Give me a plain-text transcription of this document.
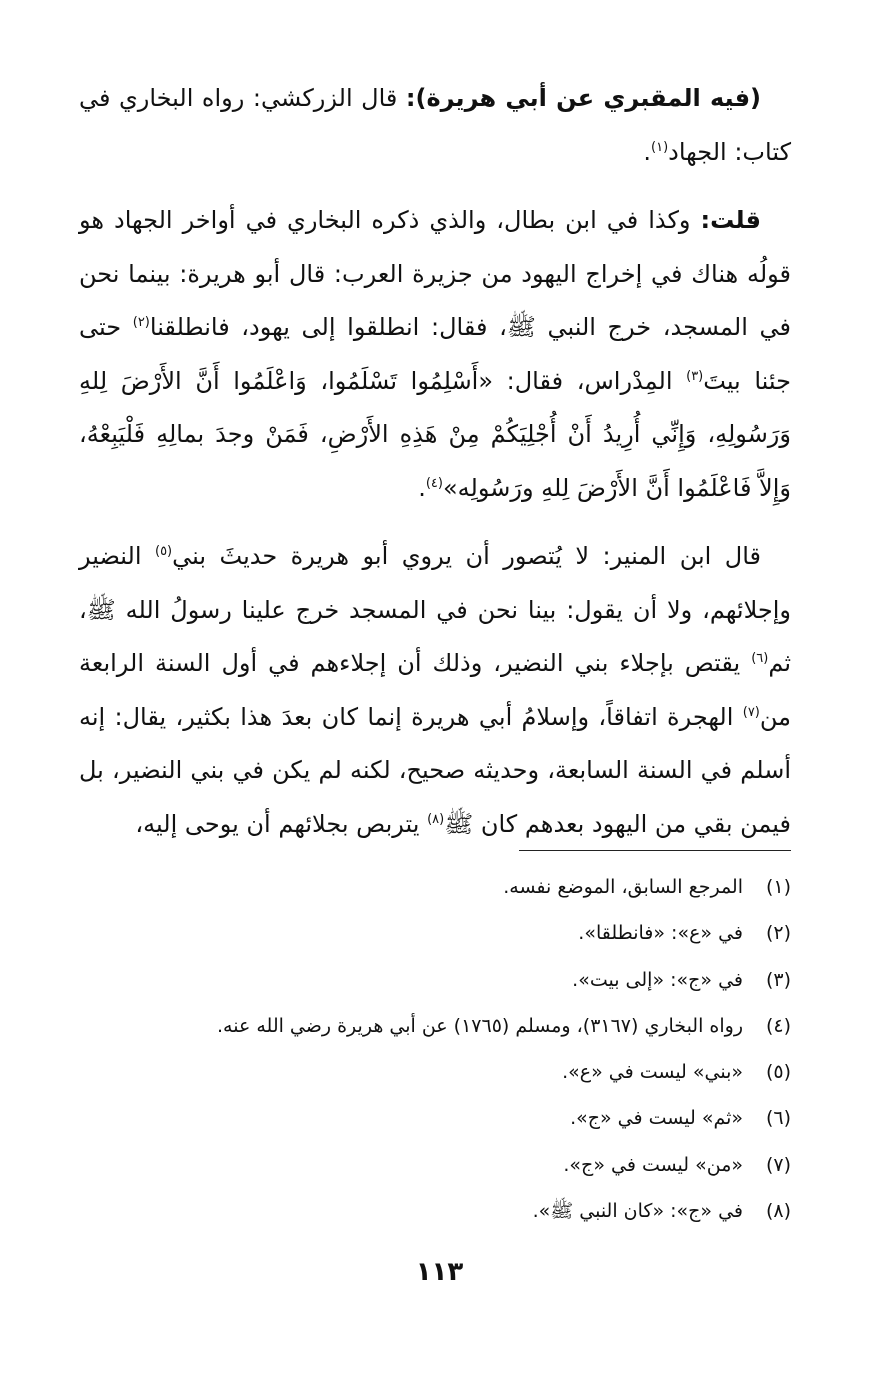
(فيه المقبري عن أبي هريرة): قال الزركشي: رواه البخاري في كتاب: الجهاد$^{(١)}$.

قلت: وكذا في ابن بطال، والذي ذكره البخاري في أواخر الجهاد هو قولُه هناك في إخراج اليهود من جزيرة العرب: قال أبو هريرة: بينما نحن في المسجد، خرج النبي ﷺ، فقال: انطلقوا إلى يهود، فانطلقنا$^{(٢)}$ حتى جئنا بيتَ$^{(٣)}$ المِدْراس، فقال: «أَسْلِمُوا تَسْلَمُوا، وَاعْلَمُوا أَنَّ الأَرْضَ لِلهِ وَرَسُولِهِ، وَإِنِّي أُرِيدُ أَنْ أُجْلِيَكُمْ مِنْ هَذِهِ الأَرْضِ، فَمَنْ وجدَ بمالِهِ فَلْيَبِعْهُ، وَإِلاَّ فَاعْلَمُوا أَنَّ الأَرْضَ لِلهِ ورَسُولِه»$^{(٤)}$.

قال ابن المنير: لا يُتصور أن يروي أبو هريرة حديثَ بني$^{(٥)}$ النضير وإجلائهم، ولا أن يقول: بينا نحن في المسجد خرج علينا رسولُ الله ﷺ، ثم$^{(٦)}$ يقتص بإجلاء بني النضير، وذلك أن إجلاءهم في أول السنة الرابعة من$^{(٧)}$ الهجرة اتفاقاً، وإسلامُ أبي هريرة إنما كان بعدَ هذا بكثير، يقال: إنه أسلم في السنة السابعة، وحديثه صحيح، لكنه لم يكن في بني النضير، بل فيمن بقي من اليهود بعدهم كان ﷺ$^{(٨)}$ يتربص بجلائهم أن يوحى إليه،

(١)
المرجع السابق، الموضع نفسه.
(٢)
في «ع»: «فانطلقا».
(٣)
في «ج»: «إلى بيت».
(٤)
رواه البخاري (٣١٦٧)، ومسلم (١٧٦٥) عن أبي هريرة رضي الله عنه.
(٥)
«بني» ليست في «ع».
(٦)
«ثم» ليست في «ج».
(٧)
«من» ليست في «ج».
(٨)
في «ج»: «كان النبي ﷺ».
١١٣
